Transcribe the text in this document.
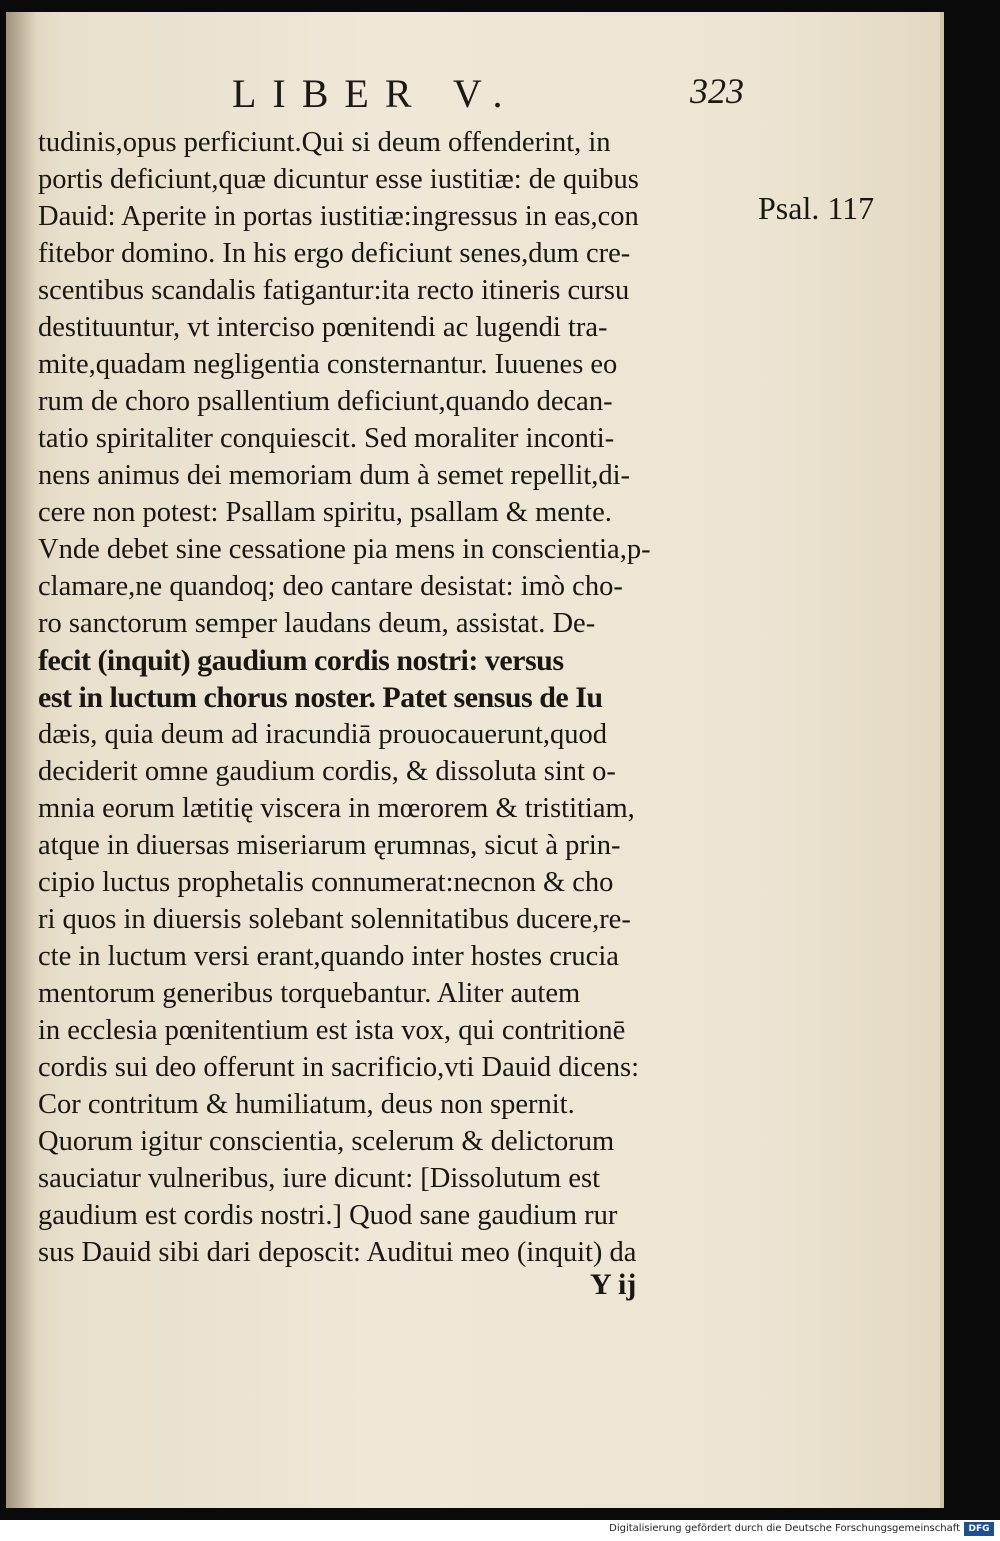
LIBER V.	323
Psal. 117
tudinis,opus perficiunt.Qui si deum offenderint, in
portis deficiunt,quæ dicuntur esse iustitiæ: de quibus
Dauid: Aperite in portas iustitiæ:ingressus in eas,con
fitebor domino. In his ergo deficiunt senes,dum cre-
scentibus scandalis fatigantur:ita recto itineris cursu
destituuntur, vt interciso pœnitendi ac lugendi tra-
mite,quadam negligentia consternantur. Iuuenes eo
rum de choro psallentium deficiunt,quando decan-
tatio spiritaliter conquiescit. Sed moraliter inconti-
nens animus dei memoriam dum à semet repellit,di-
cere non potest: Psallam spiritu, psallam & mente.
Vnde debet sine cessatione pia mens in conscientia,p-
clamare,ne quandoq; deo cantare desistat: imò cho-
ro sanctorum semper laudans deum, assistat. De-
fecit (inquit) gaudium cordis nostri: versus
est in luctum chorus noster. Patet sensus de Iu
dæis, quia deum ad iracundiā prouocauerunt,quod
deciderit omne gaudium cordis, & dissoluta sint o-
mnia eorum lætitię viscera in mœrorem & tristitiam,
atque in diuersas miseriarum ęrumnas, sicut à prin-
cipio luctus prophetalis connumerat:necnon & cho
ri quos in diuersis solebant solennitatibus ducere,re-
cte in luctum versi erant,quando inter hostes crucia
mentorum generibus torquebantur. Aliter autem
in ecclesia pœnitentium est ista vox, qui contritionē
cordis sui deo offerunt in sacrificio,vti Dauid dicens:
Cor contritum & humiliatum, deus non spernit.
Quorum igitur conscientia, scelerum & delictorum
sauciatur vulneribus, iure dicunt: [Dissolutum est
gaudium est cordis nostri.] Quod sane gaudium rur
sus Dauid sibi dari deposcit: Auditui meo (inquit) da
Y ij
Digitalisierung gefördert durch die Deutsche Forschungsgemeinschaft DFG
